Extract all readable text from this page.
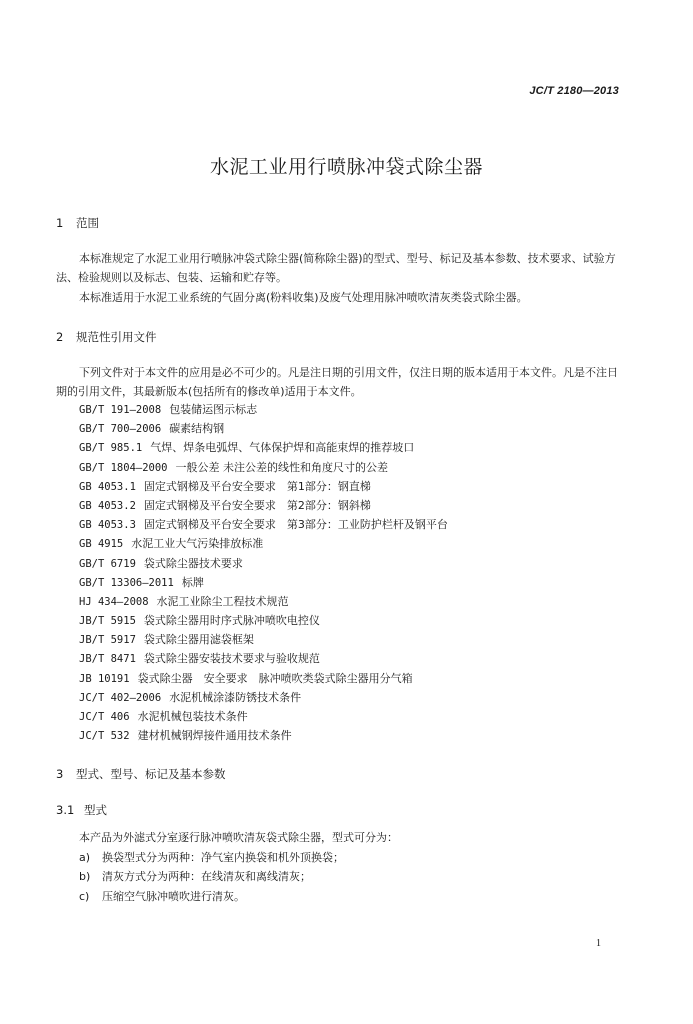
JC/T 2180—2013
水泥工业用行喷脉冲袋式除尘器
1 范围
本标准规定了水泥工业用行喷脉冲袋式除尘器(简称除尘器)的型式、型号、标记及基本参数、技术要求、试验方法、检验规则以及标志、包装、运输和贮存等。
本标准适用于水泥工业系统的气固分离(粉料收集)及废气处理用脉冲喷吹清灰类袋式除尘器。
2 规范性引用文件
下列文件对于本文件的应用是必不可少的。凡是注日期的引用文件，仅注日期的版本适用于本文件。凡是不注日期的引用文件，其最新版本(包括所有的修改单)适用于本文件。
GB/T 191—2008 包装储运图示标志
GB/T 700—2006 碳素结构钢
GB/T 985.1 气焊、焊条电弧焊、气体保护焊和高能束焊的推荐坡口
GB/T 1804—2000 一般公差 未注公差的线性和角度尺寸的公差
GB 4053.1 固定式钢梯及平台安全要求　第1部分：钢直梯
GB 4053.2 固定式钢梯及平台安全要求　第2部分：钢斜梯
GB 4053.3 固定式钢梯及平台安全要求　第3部分：工业防护栏杆及钢平台
GB 4915 水泥工业大气污染排放标准
GB/T 6719 袋式除尘器技术要求
GB/T 13306—2011 标牌
HJ 434—2008 水泥工业除尘工程技术规范
JB/T 5915 袋式除尘器用时序式脉冲喷吹电控仪
JB/T 5917 袋式除尘器用滤袋框架
JB/T 8471 袋式除尘器安装技术要求与验收规范
JB 10191 袋式除尘器　安全要求　脉冲喷吹类袋式除尘器用分气箱
JC/T 402—2006 水泥机械涂漆防锈技术条件
JC/T 406 水泥机械包装技术条件
JC/T 532 建材机械钢焊接件通用技术条件
3 型式、型号、标记及基本参数
3.1 型式
本产品为外滤式分室逐行脉冲喷吹清灰袋式除尘器，型式可分为：
a) 换袋型式分为两种：净气室内换袋和机外顶换袋；
b) 清灰方式分为两种：在线清灰和离线清灰；
c) 压缩空气脉冲喷吹进行清灰。
1
